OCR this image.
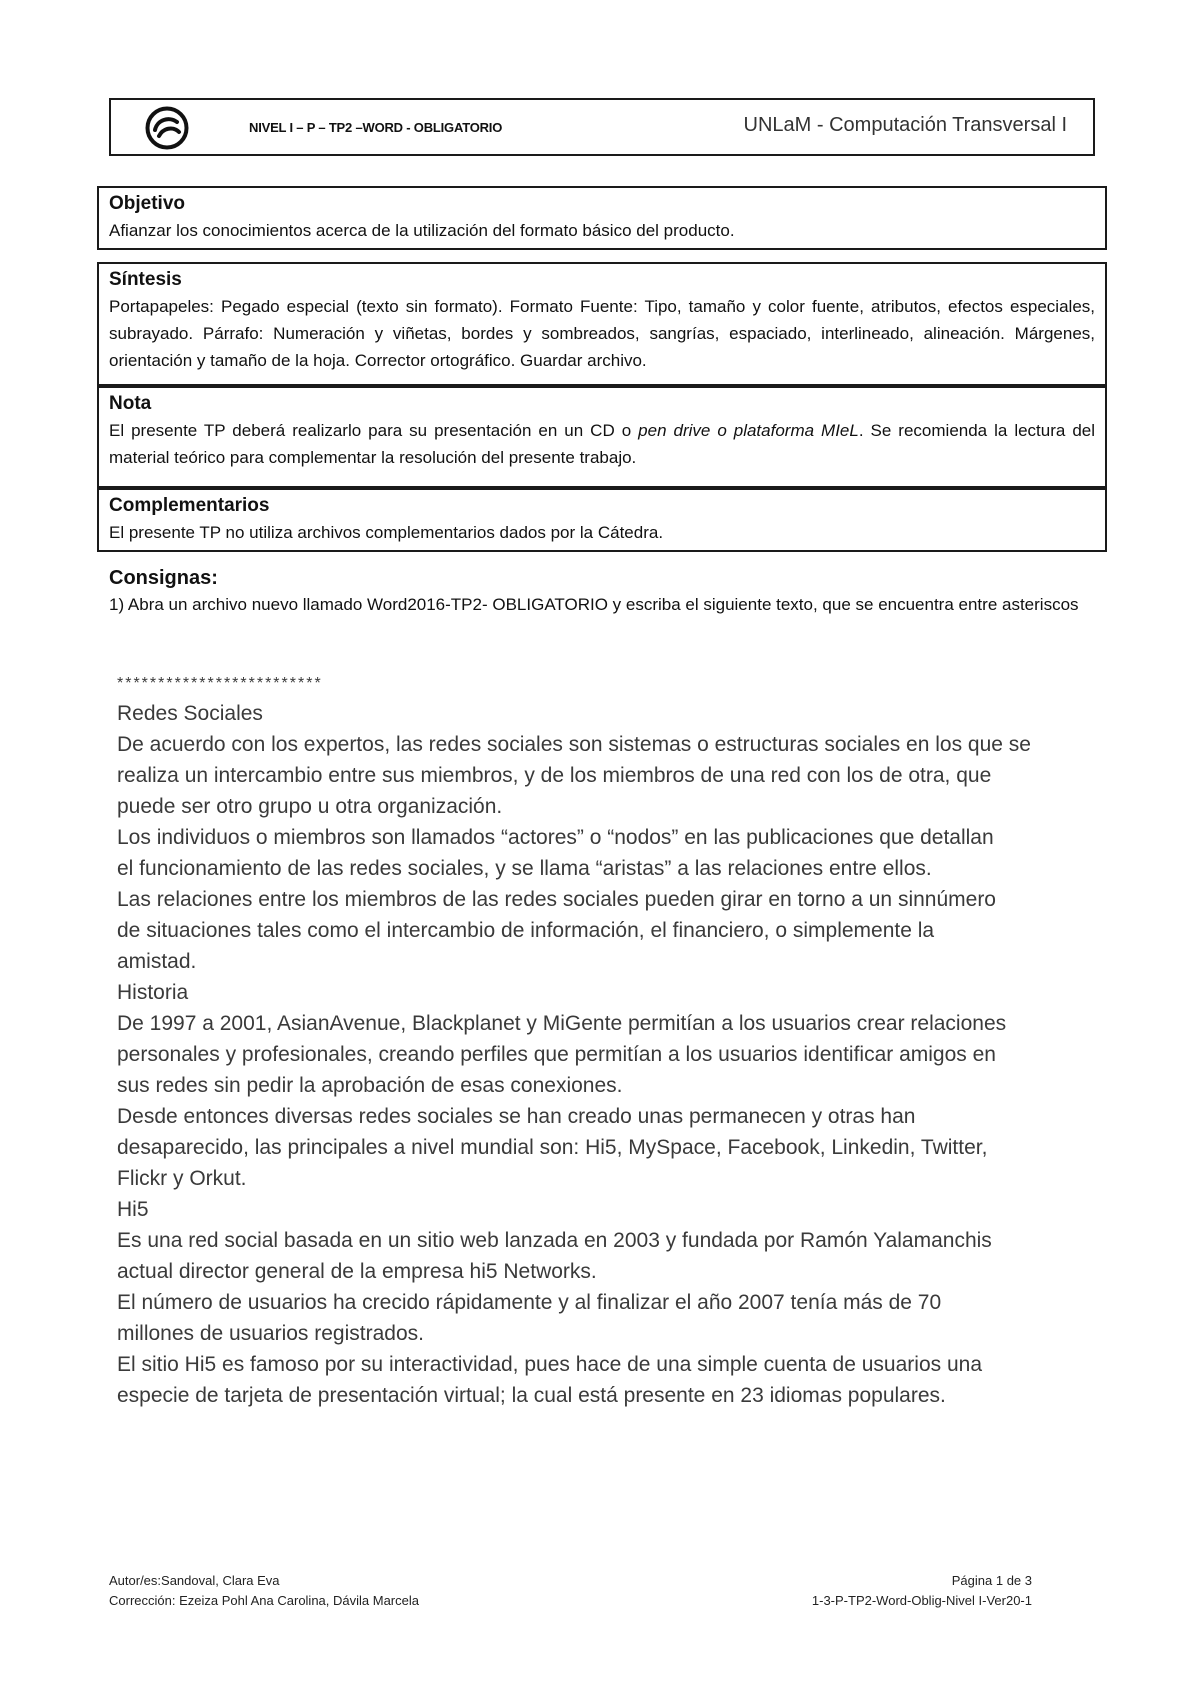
NIVEL I – P – TP2 –WORD - OBLIGATORIO	UNLaM - Computación Transversal I
Objetivo
Afianzar los conocimientos acerca de la utilización del formato básico del producto.
Síntesis
Portapapeles: Pegado especial (texto sin formato). Formato Fuente: Tipo, tamaño y color fuente, atributos, efectos especiales, subrayado. Párrafo: Numeración y viñetas, bordes y sombreados, sangrías, espaciado, interlineado, alineación. Márgenes, orientación y tamaño de la hoja. Corrector ortográfico. Guardar archivo.
Nota
El presente TP deberá realizarlo para su presentación en un CD o pen drive o plataforma MIeL. Se recomienda la lectura del material teórico para complementar la resolución del presente trabajo.
Complementarios
El presente TP no utiliza archivos complementarios dados por la Cátedra.
Consignas:
1) Abra un archivo nuevo llamado Word2016-TP2- OBLIGATORIO y escriba el siguiente texto, que se encuentra entre asteriscos
*************************
Redes Sociales
De acuerdo con los expertos, las redes sociales son sistemas o estructuras sociales en los que se
realiza un intercambio entre sus miembros, y de los miembros de una red con los de otra, que
puede ser otro grupo u otra organización.
Los individuos o miembros son llamados “actores” o “nodos” en las publicaciones que detallan
el funcionamiento de las redes sociales, y se llama “aristas” a las relaciones entre ellos.
Las relaciones entre los miembros de las redes sociales pueden girar en torno a un sinnúmero
de situaciones tales como el intercambio de información, el financiero, o simplemente la
amistad.
Historia
De 1997 a 2001, AsianAvenue, Blackplanet y MiGente permitían a los usuarios crear relaciones
personales y profesionales, creando perfiles que permitían a los usuarios identificar amigos en
sus redes sin pedir la aprobación de esas conexiones.
Desde entonces diversas redes sociales se han creado unas permanecen y otras han
desaparecido, las principales a nivel mundial son: Hi5, MySpace, Facebook, Linkedin, Twitter,
Flickr y Orkut.
Hi5
Es una red social basada en un sitio web lanzada en 2003 y fundada por Ramón Yalamanchis
actual director general de la empresa hi5 Networks.
El número de usuarios ha crecido rápidamente y al finalizar el año 2007 tenía más de 70
millones de usuarios registrados.
El sitio Hi5 es famoso por su interactividad, pues hace de una simple cuenta de usuarios una
especie de tarjeta de presentación virtual; la cual está presente en 23 idiomas populares.
Autor/es:Sandoval, Clara Eva
Corrección: Ezeiza Pohl Ana Carolina, Dávila Marcela
Página 1 de 3
1-3-P-TP2-Word-Oblig-Nivel I-Ver20-1
